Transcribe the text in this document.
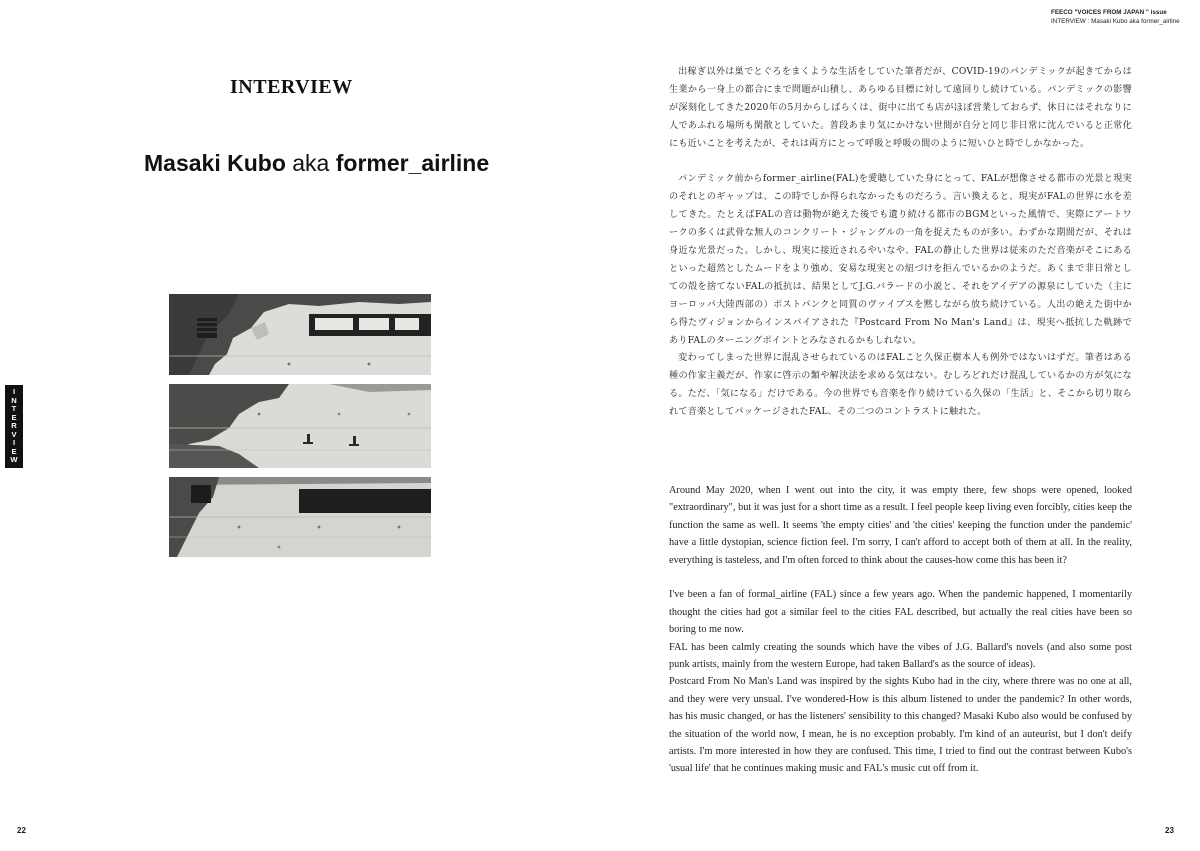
INTERVIEW
Masaki Kubo aka former_airline
I
N
T
E
R
V
I
E
W
22
FEECO "VOICES FROM JAPAN " issue
INTERVIEW : Masaki Kubo aka former_airline

出稼ぎ以外は巣でとぐろをまくような生活をしていた筆者だが、COVID-19のパンデミックが起きてからは生業から一身上の都合にまで問題が山積し、あらゆる目標に対して遠回りし続けている。パンデミックの影響が深刻化してきた2020年の5月からしばらくは、街中に出ても店がほぼ営業しておらず、休日にはそれなりに人であふれる場所も閑散としていた。普段あまり気にかけない世間が自分と同じ非日常に沈んでいると正常化にも近いことを考えたが、それは両方にとって呼吸と呼吸の間のように短いひと時でしかなかった。

パンデミック前からformer_airline(FAL)を愛聴していた身にとって、FALが想像させる都市の光景と現実のそれとのギャップは、この時でしか得られなかったものだろう。言い換えると、現実がFALの世界に水を差してきた。たとえばFALの音は動物が絶えた後でも遺り続ける都市のBGMといった風情で、実際にアートワークの多くは武骨な無人のコンクリート・ジャングルの一角を捉えたものが多い。わずかな期間だが、それは身近な光景だった。しかし、現実に接近されるやいなや、FALの静止した世界は従来のただ音楽がそこにあるといった超然としたムードをより強め、安易な現実との紐づけを拒んでいるかのようだ。あくまで非日常としての殻を捨てないFALの抵抗は、結果としてJ.G.バラードの小説と、それをアイデアの源泉にしていた（主にヨーロッパ大陸西部の）ポストパンクと同質のヴァイブスを黙しながら放ち続けている。人出の絶えた街中から得たヴィジョンからインスパイアされた『Postcard From No Man's Land』は、現実へ抵抗した軌跡でありFALのターニングポイントとみなされるかもしれない。

変わってしまった世界に混乱させられているのはFALこと久保正樹本人も例外ではないはずだ。筆者はある種の作家主義だが、作家に啓示の類や解決法を求める気はない。むしろどれだけ混乱しているかの方が気になる。ただ、「気になる」だけである。今の世界でも音楽を作り続けている久保の「生活」と、そこから切り取られて音楽としてパッケージされたFAL、その二つのコントラストに触れた。

Around May 2020, when I went out into the city, it was empty there, few shops were opened, looked "extraordinary", but it was just for a short time as a result. I feel people keep living even forcibly, cities keep the function the same as well. It seems 'the empty cities' and 'the cities' keeping the function under the pandemic' have a little dystopian, science fiction feel. I'm sorry, I can't afford to accept both of them at all. In the reality, everything is tasteless, and I'm often forced to think about the causes-how come this has been it?

I've been a fan of formal_airline (FAL) since a few years ago. When the pandemic happened, I momentarily thought the cities had got a similar feel to the cities FAL described, but actually the real cities have been so boring to me now.

FAL has been calmly creating the sounds which have the vibes of J.G. Ballard's novels (and also some post punk artists, mainly from the western Europe, had taken Ballard's as the source of ideas).

Postcard From No Man's Land was inspired by the sights Kubo had in the city, where threre was no one at all, and they were very unsual. I've wondered-How is this album listened to under the pandemic? In other words, has his music changed, or has the listeners' sensibility to this changed? Masaki Kubo also would be confused by the situation of the world now, I mean, he is no exception probably. I'm kind of an auteurist, but I don't deify artists. I'm more interested in how they are confused. This time, I tried to find out the contrast between Kubo's 'usual life' that he continues making music and FAL's music cut off from it.

23
